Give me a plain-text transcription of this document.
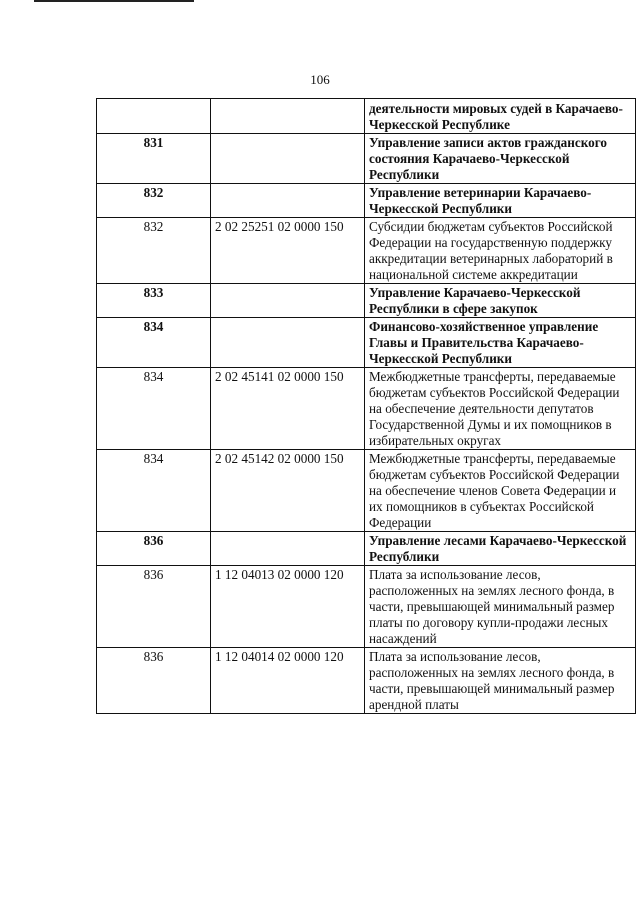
106
		деятельности мировых судей в Карачаево-Черкесской Республике
831		Управление записи актов гражданского состояния Карачаево-Черкесской Республики
832		Управление ветеринарии Карачаево-Черкесской Республики
832	2 02 25251 02 0000 150	Субсидии бюджетам субъектов Российской Федерации на государственную поддержку аккредитации ветеринарных лабораторий в национальной системе аккредитации
833		Управление Карачаево-Черкесской Республики в сфере закупок
834		Финансово-хозяйственное управление Главы и Правительства Карачаево-Черкесской Республики
834	2 02 45141 02 0000 150	Межбюджетные трансферты, передаваемые бюджетам субъектов Российской Федерации на обеспечение деятельности депутатов Государственной Думы и их помощников в избирательных округах
834	2 02 45142 02 0000 150	Межбюджетные трансферты, передаваемые бюджетам субъектов Российской Федерации на обеспечение членов Совета Федерации и их помощников в субъектах Российской Федерации
836		Управление лесами Карачаево-Черкесской Республики
836	1 12 04013 02 0000 120	Плата за использование лесов, расположенных на землях лесного фонда, в части, превышающей минимальный размер платы по договору купли-продажи лесных насаждений
836	1 12 04014 02 0000 120	Плата за использование лесов, расположенных на землях лесного фонда, в части, превышающей минимальный размер арендной платы
